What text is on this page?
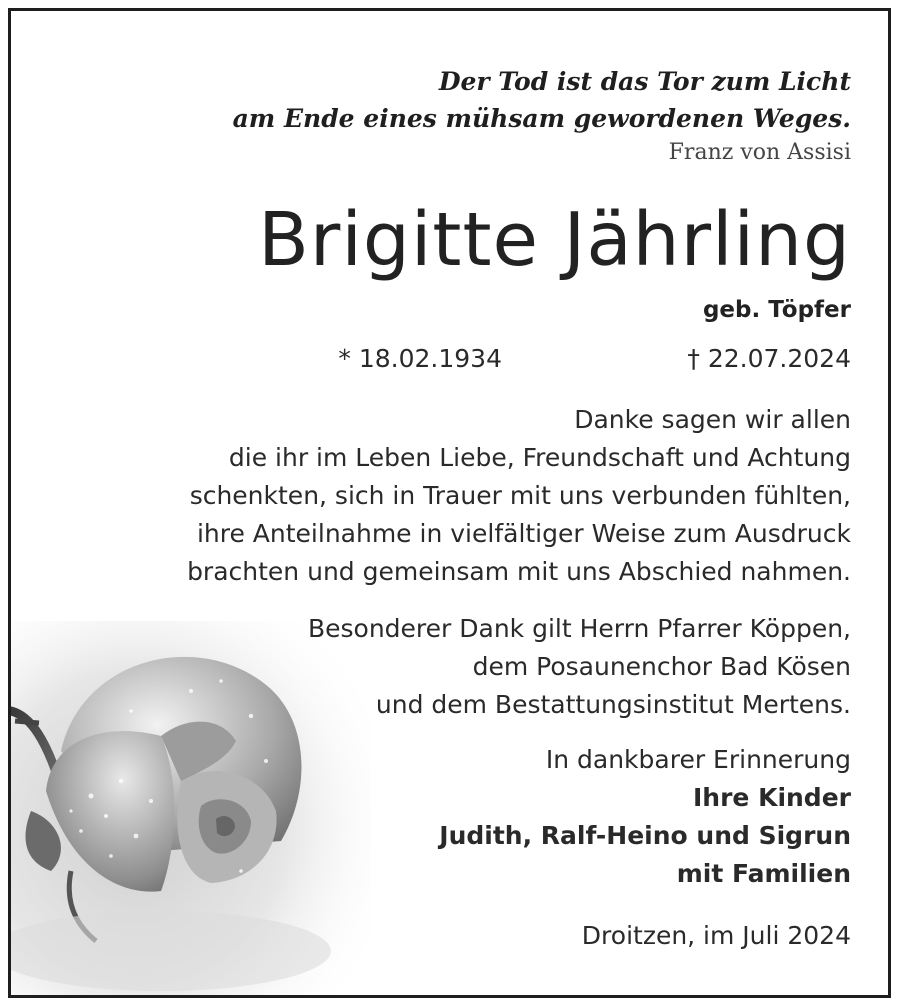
Der Tod ist das Tor zum Licht
am Ende eines mühsam gewordenen Weges.
Franz von Assisi
Brigitte Jährling
geb. Töpfer
* 18.02.1934	† 22.07.2024
Danke sagen wir allen
die ihr im Leben Liebe, Freundschaft und Achtung
schenkten, sich in Trauer mit uns verbunden fühlten,
ihre Anteilnahme in vielfältiger Weise zum Ausdruck
brachten und gemeinsam mit uns Abschied nahmen.
Besonderer Dank gilt Herrn Pfarrer Köppen,
dem Posaunenchor Bad Kösen
und dem Bestattungsinstitut Mertens.
In dankbarer Erinnerung
Ihre Kinder
Judith, Ralf-Heino und Sigrun
mit Familien
Droitzen, im Juli 2024
